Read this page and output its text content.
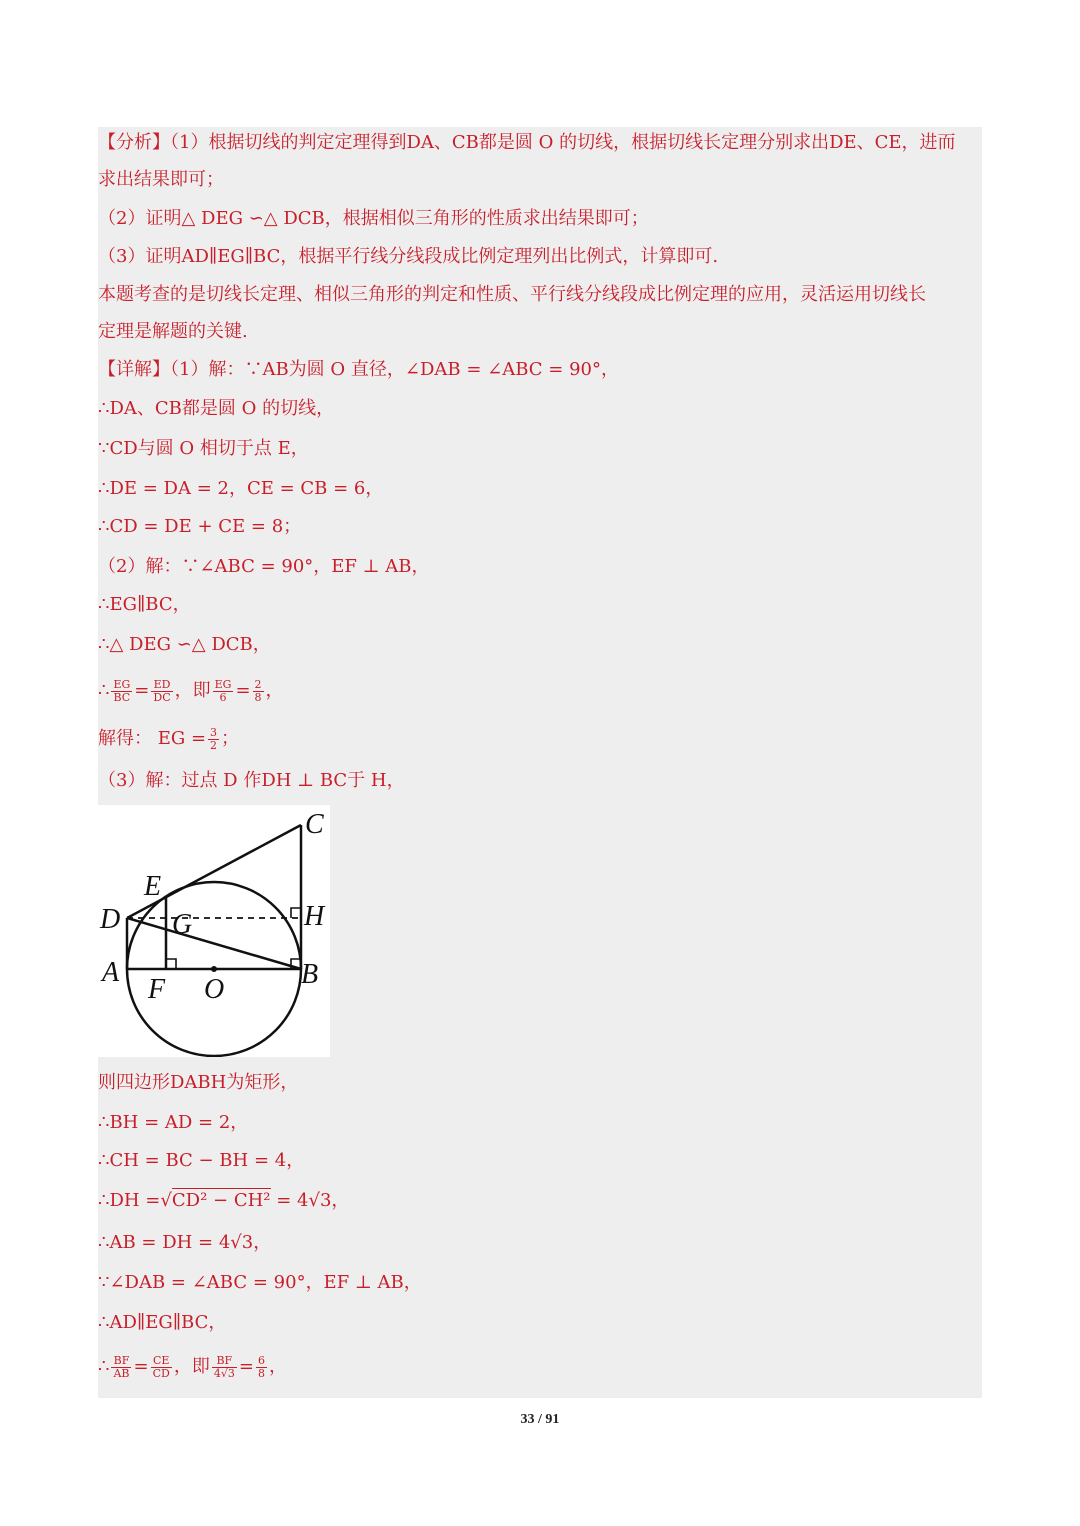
【分析】（1）根据切线的判定定理得到DA、CB都是圆 O 的切线，根据切线长定理分别求出DE、CE，进而
求出结果即可；
（2）证明△ DEG ∽△ DCB，根据相似三角形的性质求出结果即可；
（3）证明AD∥EG∥BC，根据平行线分线段成比例定理列出比例式，计算即可.
本题考查的是切线长定理、相似三角形的判定和性质、平行线分线段成比例定理的应用，灵活运用切线长
定理是解题的关键.
【详解】（1）解：∵AB为圆 O 直径，∠DAB = ∠ABC = 90°，
∴DA、CB都是圆 O 的切线，
∵CD与圆 O 相切于点 E，
∴DE = DA = 2，CE = CB = 6，
∴CD = DE + CE = 8；
（2）解：∵∠ABC = 90°，EF ⊥ AB，
∴EG∥BC，
∴△ DEG ∽△ DCB，
∴ $\frac{EG}{BC} = \frac{ED}{DC}$ ，即 $\frac{EG}{6} = \frac{2}{8}$ ，
解得： EG = $\frac{3}{2}$ ；
（3）解：过点 D 作DH ⊥ BC于 H，
C
E
D G	H
A
F O	B
则四边形DABH为矩形，
∴BH = AD = 2，
∴CH = BC − BH = 4，
∴DH =√CD² − CH² = 4√3，
∴AB = DH = 4√3，
∵∠DAB = ∠ABC = 90°，EF ⊥ AB，
∴AD∥EG∥BC，
∴ $\frac{BF}{AB} = \frac{CE}{CD}$ ，即 $\frac{BF}{4√3} = \frac{6}{8}$ ，
33 / 91
